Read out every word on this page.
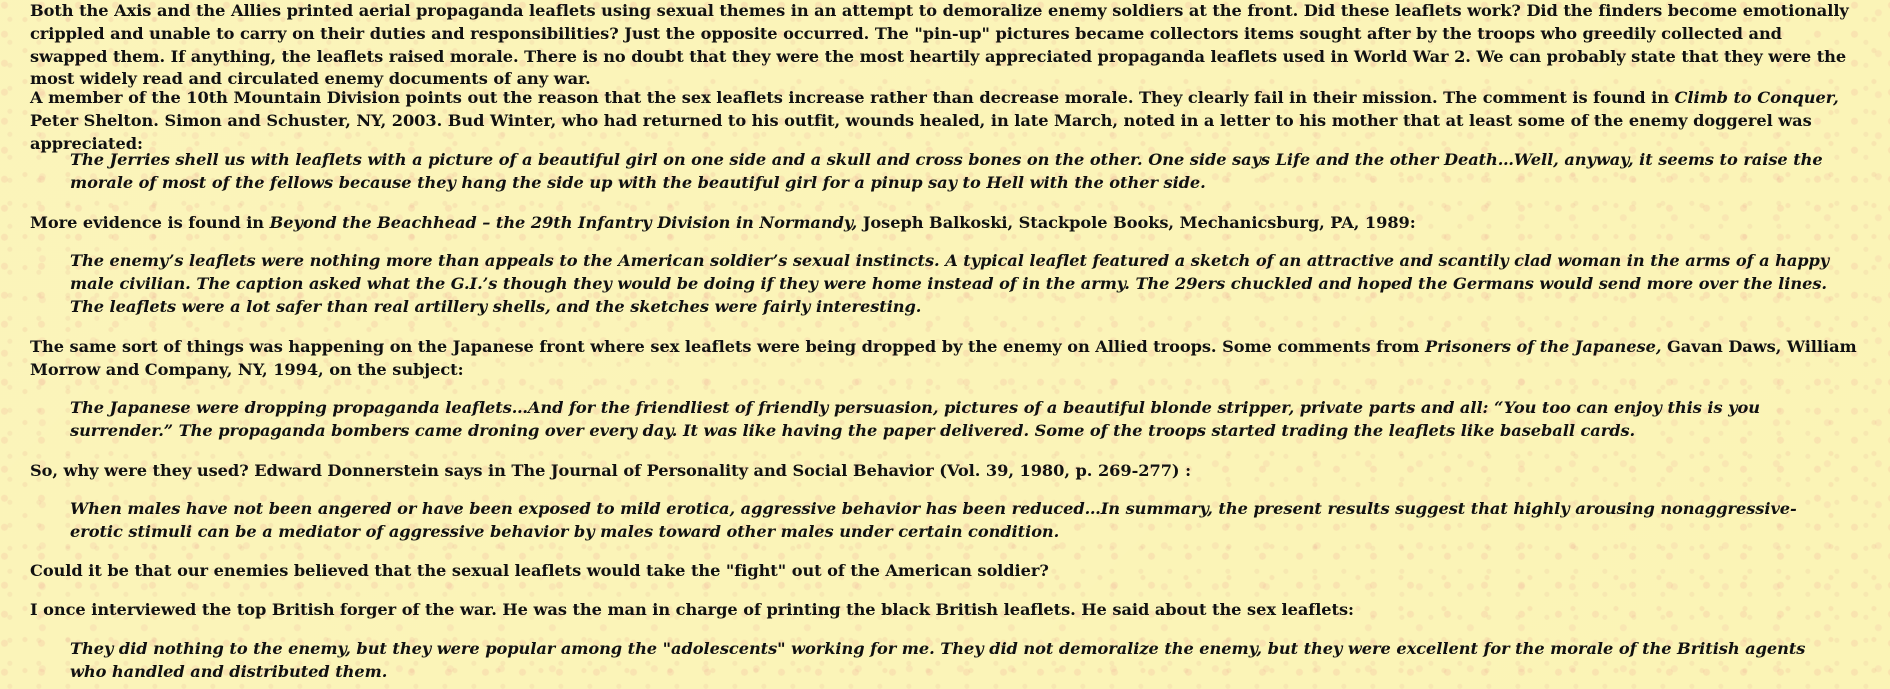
Both the Axis and the Allies printed aerial propaganda leaflets using sexual themes in an attempt to demoralize enemy soldiers at the front. Did these leaflets work? Did the finders become emotionally crippled and unable to carry on their duties and responsibilities? Just the opposite occurred. The "pin-up" pictures became collectors items sought after by the troops who greedily collected and swapped them. If anything, the leaflets raised morale. There is no doubt that they were the most heartily appreciated propaganda leaflets used in World War 2. We can probably state that they were the most widely read and circulated enemy documents of any war.

A member of the 10th Mountain Division points out the reason that the sex leaflets increase rather than decrease morale. They clearly fail in their mission. The comment is found in Climb to Conquer, Peter Shelton. Simon and Schuster, NY, 2003. Bud Winter, who had returned to his outfit, wounds healed, in late March, noted in a letter to his mother that at least some of the enemy doggerel was appreciated:

The Jerries shell us with leaflets with a picture of a beautiful girl on one side and a skull and cross bones on the other. One side says Life and the other Death…Well, anyway, it seems to raise the morale of most of the fellows because they hang the side up with the beautiful girl for a pinup say to Hell with the other side.

More evidence is found in Beyond the Beachhead – the 29th Infantry Division in Normandy, Joseph Balkoski, Stackpole Books, Mechanicsburg, PA, 1989:

The enemy’s leaflets were nothing more than appeals to the American soldier’s sexual instincts. A typical leaflet featured a sketch of an attractive and scantily clad woman in the arms of a happy male civilian. The caption asked what the G.I.’s though they would be doing if they were home instead of in the army. The 29ers chuckled and hoped the Germans would send more over the lines. The leaflets were a lot safer than real artillery shells, and the sketches were fairly interesting.

The same sort of things was happening on the Japanese front where sex leaflets were being dropped by the enemy on Allied troops. Some comments from Prisoners of the Japanese, Gavan Daws, William Morrow and Company, NY, 1994, on the subject:

The Japanese were dropping propaganda leaflets…And for the friendliest of friendly persuasion, pictures of a beautiful blonde stripper, private parts and all: “You too can enjoy this is you surrender.” The propaganda bombers came droning over every day. It was like having the paper delivered. Some of the troops started trading the leaflets like baseball cards.

So, why were they used? Edward Donnerstein says in The Journal of Personality and Social Behavior (Vol. 39, 1980, p. 269-277) :

When males have not been angered or have been exposed to mild erotica, aggressive behavior has been reduced…In summary, the present results suggest that highly arousing nonaggressive-erotic stimuli can be a mediator of aggressive behavior by males toward other males under certain condition.

Could it be that our enemies believed that the sexual leaflets would take the "fight" out of the American soldier?

I once interviewed the top British forger of the war. He was the man in charge of printing the black British leaflets. He said about the sex leaflets:

They did nothing to the enemy, but they were popular among the "adolescents" working for me. They did not demoralize the enemy, but they were excellent for the morale of the British agents who handled and distributed them.
